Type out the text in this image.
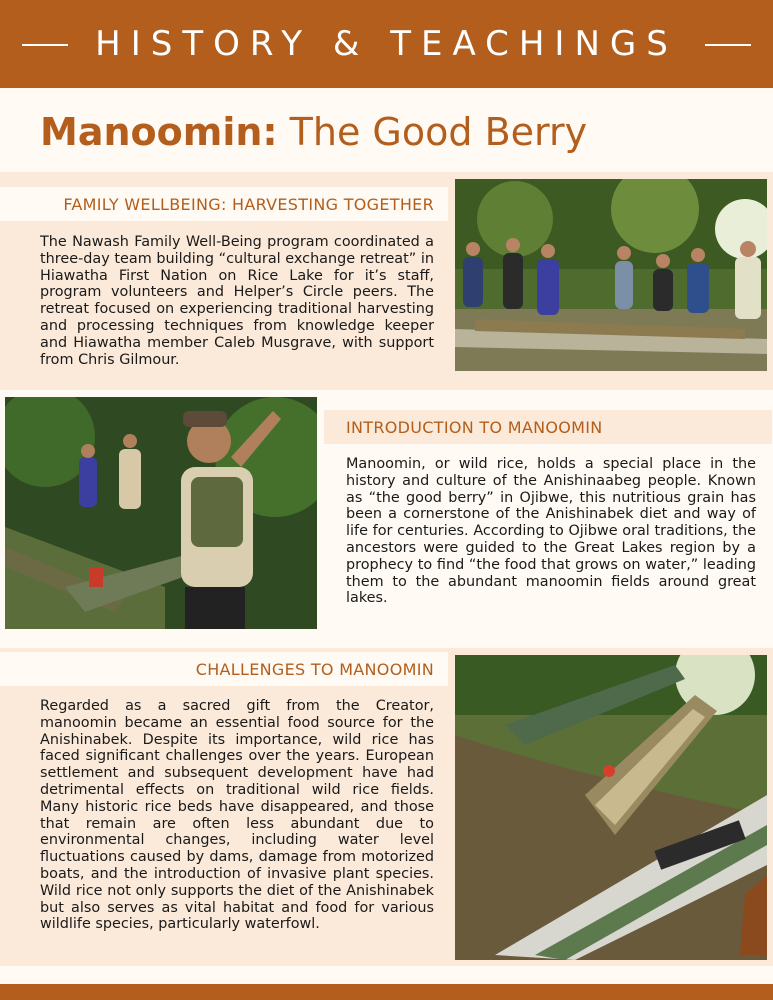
HISTORY & TEACHINGS
Manoomin: The Good Berry
FAMILY WELLBEING: HARVESTING TOGETHER
The Nawash Family Well-Being program coordinated a three-day team building “cultural exchange retreat” in Hiawatha First Nation on Rice Lake for it’s staff, program volunteers and Helper’s Circle peers. The retreat focused on experiencing traditional harvesting and processing techniques from knowledge keeper and Hiawatha member Caleb Musgrave, with support from Chris Gilmour.
INTRODUCTION TO MANOOMIN
Manoomin, or wild rice, holds a special place in the history and culture of the Anishinaabeg people. Known as “the good berry” in Ojibwe, this nutritious grain has been a cornerstone of the Anishinabek diet and way of life for centuries. According to Ojibwe oral traditions, the ancestors were guided to the Great Lakes region by a prophecy to find “the food that grows on water,” leading them to the abundant manoomin fields around great lakes.
CHALLENGES TO MANOOMIN
Regarded as a sacred gift from the Creator, manoomin became an essential food source for the Anishinabek. Despite its importance, wild rice has faced significant challenges over the years. European settlement and subsequent development have had detrimental effects on traditional wild rice fields. Many historic rice beds have disappeared, and those that remain are often less abundant due to environmental changes, including water level fluctuations caused by dams, damage from motorized boats, and the introduction of invasive plant species. Wild rice not only supports the diet of the Anishinabek but also serves as vital habitat and food for various wildlife species, particularly waterfowl.
